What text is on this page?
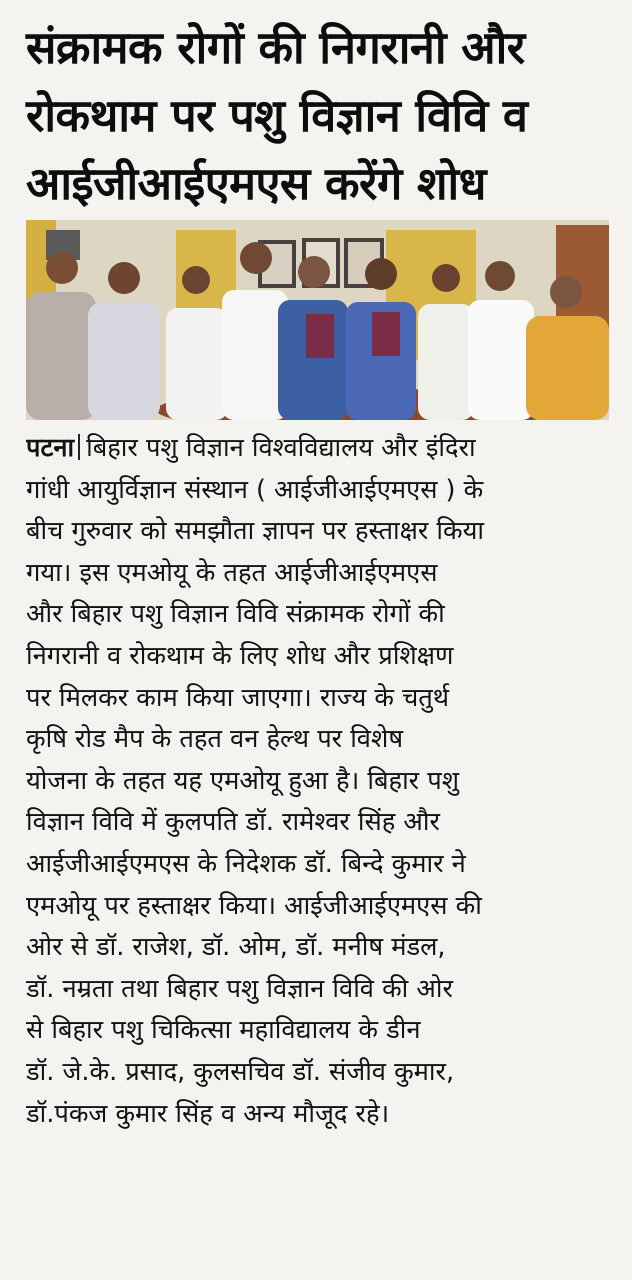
संक्रामक रोगों की निगरानी और
रोकथाम पर पशु विज्ञान विवि व
आईजीआईएमएस करेंगे शोध
पटना बिहार पशु विज्ञान विश्वविद्यालय और इंदिरा
गांधी आयुर्विज्ञान संस्थान ( आईजीआईएमएस ) के
बीच गुरुवार को समझौता ज्ञापन पर हस्ताक्षर किया
गया। इस एमओयू के तहत आईजीआईएमएस
और बिहार पशु विज्ञान विवि संक्रामक रोगों की
निगरानी व रोकथाम के लिए शोध और प्रशिक्षण
पर मिलकर काम किया जाएगा। राज्य के चतुर्थ
कृषि रोड मैप के तहत वन हेल्थ पर विशेष
योजना के तहत यह एमओयू हुआ है। बिहार पशु
विज्ञान विवि में कुलपति डॉ. रामेश्वर सिंह और
आईजीआईएमएस के निदेशक डॉ. बिन्दे कुमार ने
एमओयू पर हस्ताक्षर किया। आईजीआईएमएस की
ओर से डॉ. राजेश, डॉ. ओम, डॉ. मनीष मंडल,
डॉ. नम्रता तथा बिहार पशु विज्ञान विवि की ओर
से बिहार पशु चिकित्सा महाविद्यालय के डीन
डॉ. जे.के. प्रसाद, कुलसचिव डॉ. संजीव कुमार,
डॉ.पंकज कुमार सिंह व अन्य मौजूद रहे।
